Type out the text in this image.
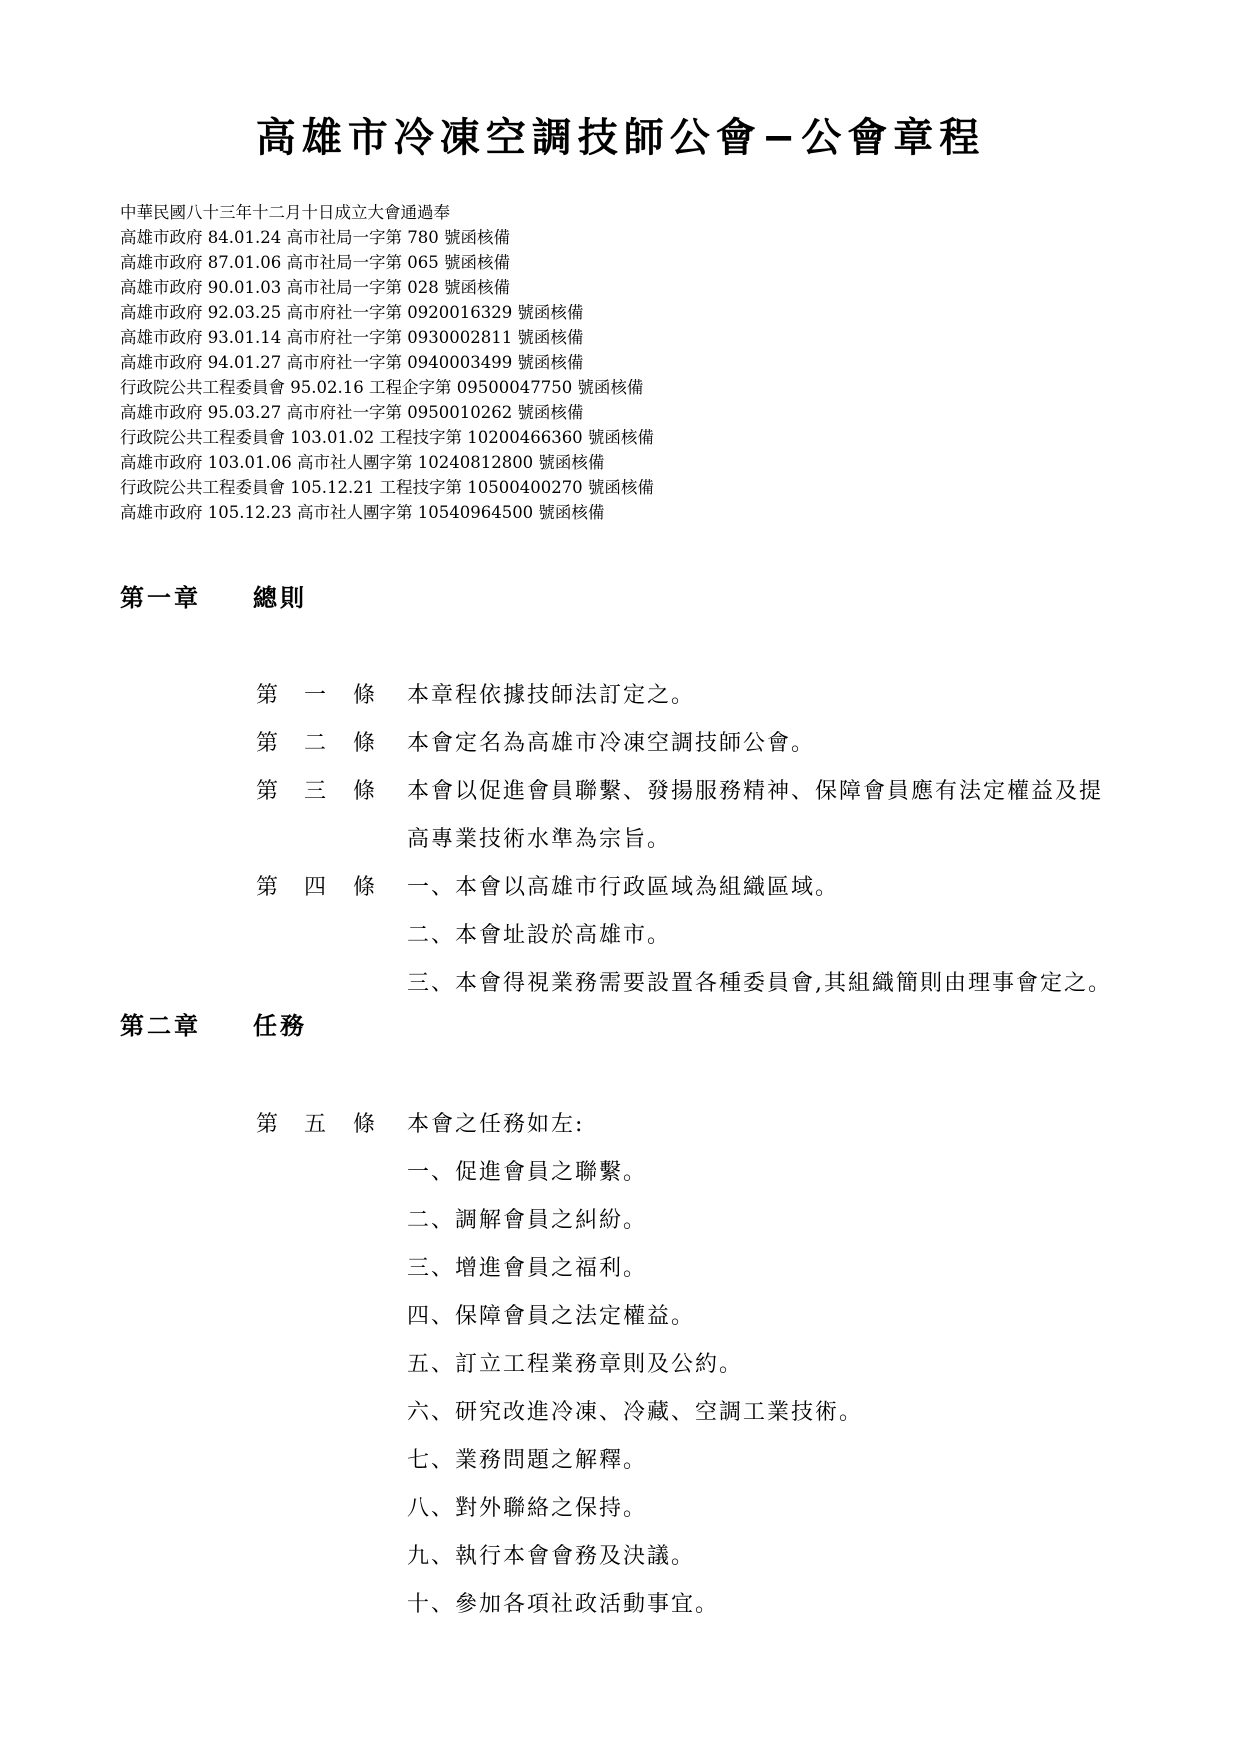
高雄市冷凍空調技師公會−公會章程
中華民國八十三年十二月十日成立大會通過奉
高雄市政府 84.01.24 高市社局一字第 780 號函核備
高雄市政府 87.01.06 高市社局一字第 065 號函核備
高雄市政府 90.01.03 高市社局一字第 028 號函核備
高雄市政府 92.03.25 高市府社一字第 0920016329 號函核備
高雄市政府 93.01.14 高市府社一字第 0930002811 號函核備
高雄市政府 94.01.27 高市府社一字第 0940003499 號函核備
行政院公共工程委員會 95.02.16 工程企字第 09500047750 號函核備
高雄市政府 95.03.27 高市府社一字第 0950010262 號函核備
行政院公共工程委員會 103.01.02 工程技字第 10200466360 號函核備
高雄市政府 103.01.06 高市社人團字第 10240812800 號函核備
行政院公共工程委員會 105.12.21 工程技字第 10500400270 號函核備
高雄市政府 105.12.23 高市社人團字第 10540964500 號函核備
第一章 總則
第 一 條 本章程依據技師法訂定之。
第 二 條 本會定名為高雄市冷凍空調技師公會。
第 三 條 本會以促進會員聯繫、發揚服務精神、保障會員應有法定權益及提
高專業技術水準為宗旨。
第 四 條 一、本會以高雄市行政區域為組織區域。
二、本會址設於高雄市。
三、本會得視業務需要設置各種委員會,其組織簡則由理事會定之。
第二章 任務
第 五 條 本會之任務如左:
一、促進會員之聯繫。
二、調解會員之糾紛。
三、增進會員之福利。
四、保障會員之法定權益。
五、訂立工程業務章則及公約。
六、研究改進冷凍、冷藏、空調工業技術。
七、業務問題之解釋。
八、對外聯絡之保持。
九、執行本會會務及決議。
十、參加各項社政活動事宜。
